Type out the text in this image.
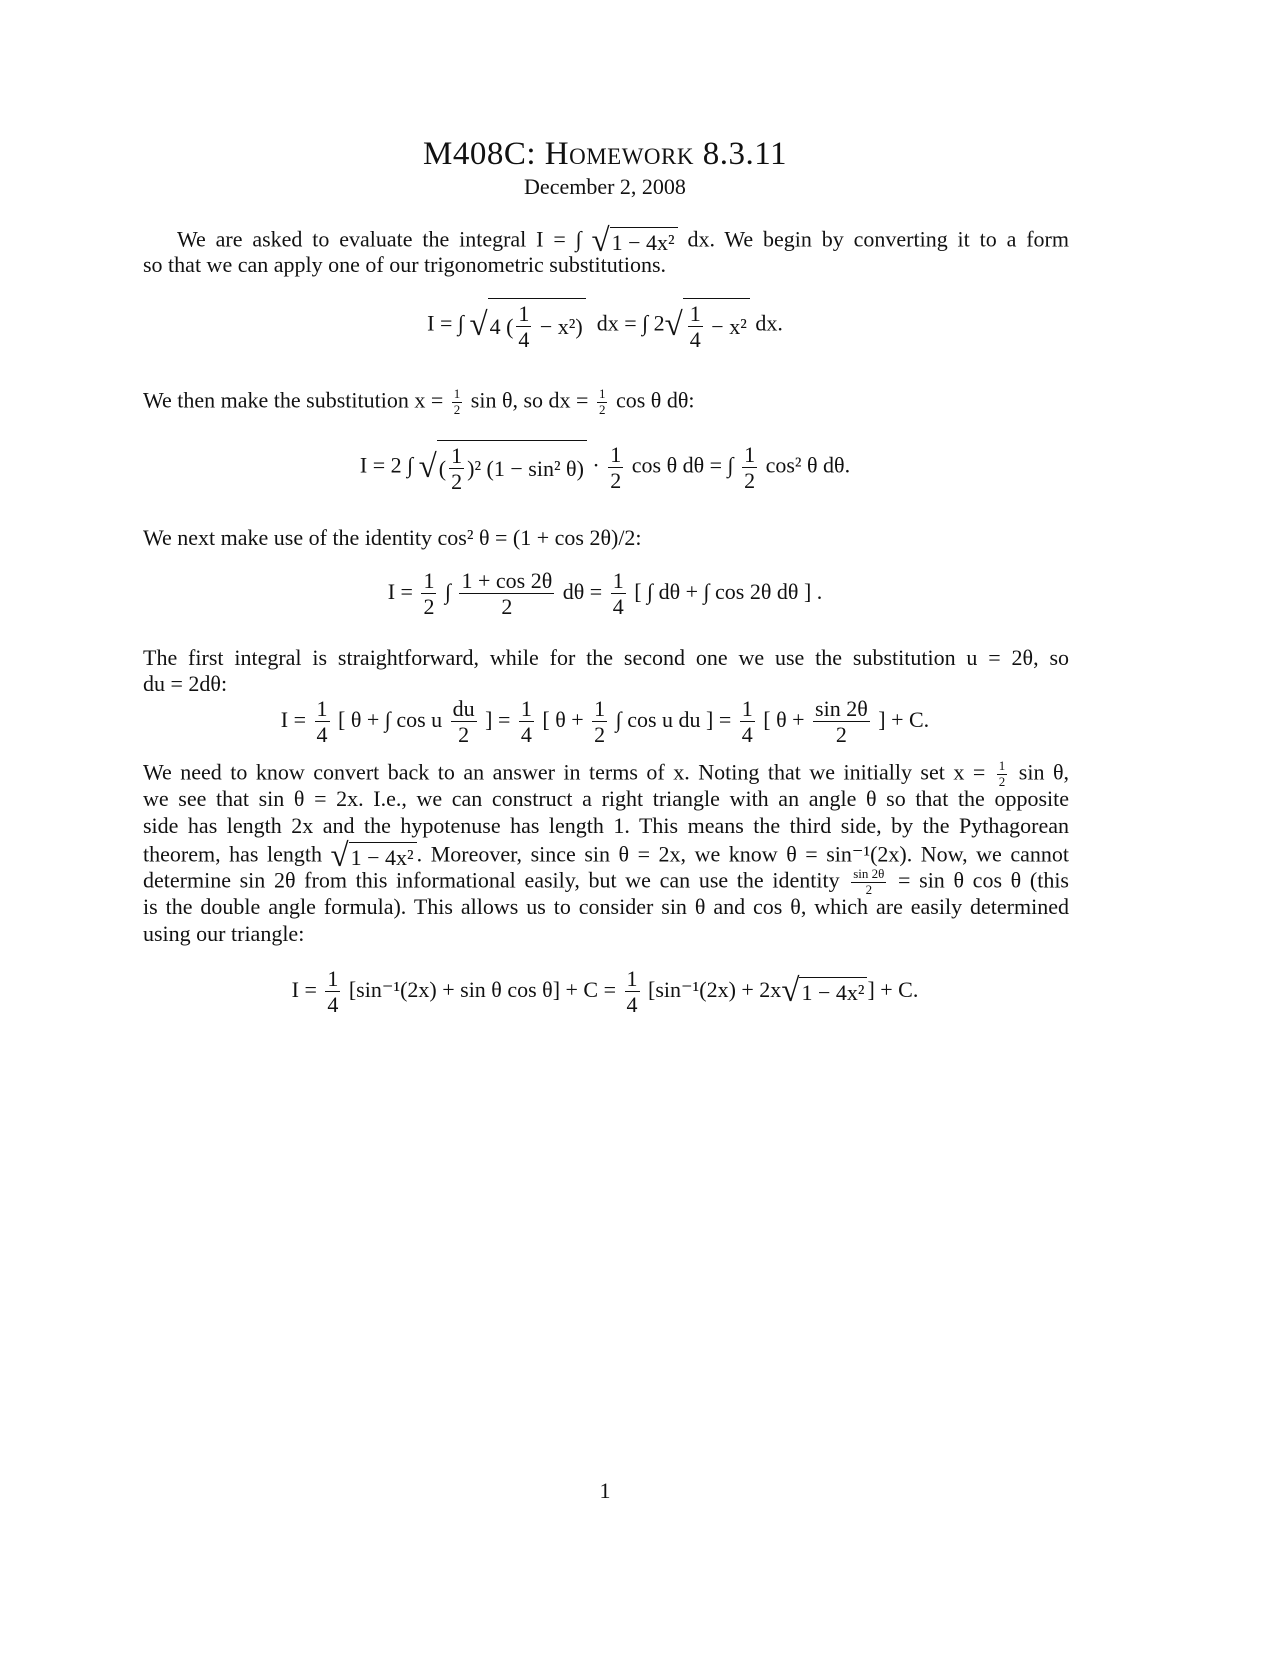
M408C: Homework 8.3.11
December 2, 2008
We are asked to evaluate the integral I = ∫ √ 1 − 4x² dx. We begin by converting it to a form
so that we can apply one of our trigonometric substitutions.
I = ∫ √ 4 ( $\frac{1}{4} - x^2$) dx = ∫ 2 √ $\frac{1}{4} - x^2$ dx.
We then make the substitution $x = \frac{1}{2}$ sin θ, so dx = $\frac{1}{2}$ cos θ dθ:
I = 2 ∫ √ ( $\frac{1}{2} )^2$ (1 − sin² $\theta) \cdot \frac{1}{2}$ cos θ dθ = ∫ $\frac{1}{2} \cos^2$ θ dθ.
We next make use of the identity cos² θ = (1 + cos 2θ)/2:
$I = \frac{1}{2}$ ∫ $\frac{1 + \cos 2\theta}{2}$ $d\theta = \frac{1}{4}$ [ ∫ dθ + ∫ cos 2θ dθ ] .
The first integral is straightforward, while for the second one we use the substitution u = 2θ, so
du = 2dθ:
$I = \frac{1}{4}$ [ θ + ∫ cos u $\frac{du}{2}$ ] = $\frac{1}{4}$ [ $\theta + \frac{1}{2}$ ∫ cos u du ] = $\frac{1}{4}$ [ $\theta + \frac{\sin 2\theta}{2}$ ] + C.
We need to know convert back to an answer in terms of x. Noting that we initially set $x = \frac{1}{2}$ sin θ,
we see that sin θ = 2x. I.e., we can construct a right triangle with an angle θ so that the opposite
side has length 2x and the hypotenuse has length 1. This means the third side, by the Pythagorean
theorem, has length √ 1 − 4x² . Moreover, since sin θ = 2x, we know θ = sin⁻¹(2x). Now, we cannot
determine sin 2θ from this informational easily, but we can use the identity $\frac{\sin 2\theta}{2} = \sin \theta$ cos θ (this
is the double angle formula). This allows us to consider sin θ and cos θ, which are easily determined
using our triangle:
$I = \frac{1}{4} [\sin^{-1}(2x) + \sin \theta$ $\cos \theta] + C = \frac{1}{4} [\sin^{-1}(2x) + 2x$ √ 1 − 4x² ] + C.
1
